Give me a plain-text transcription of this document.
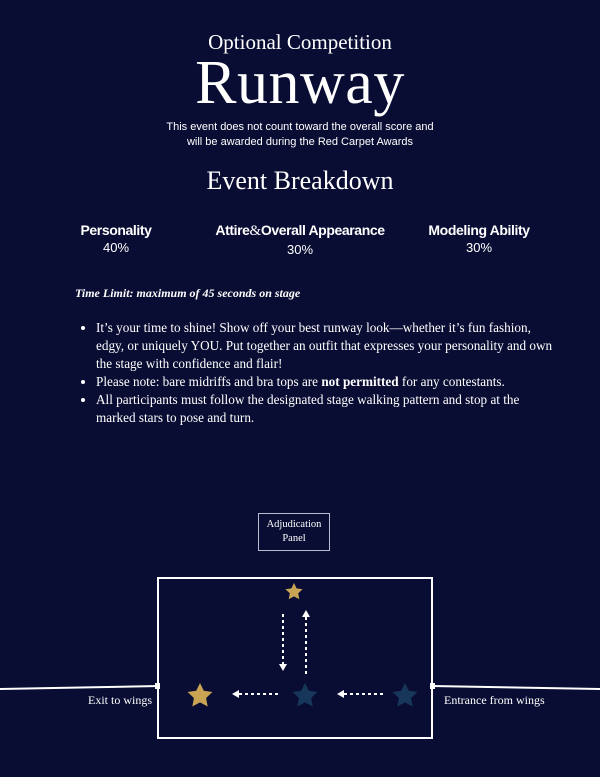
Optional Competition
Runway
This event does not count toward the overall score and
will be awarded during the Red Carpet Awards
Event Breakdown
Personality
40%
Attire&Overall Appearance
30%
Modeling Ability
30%
Time Limit: maximum of 45 seconds on stage
• It’s your time to shine! Show off your best runway look—whether it’s fun fashion, edgy, or uniquely YOU. Put together an outfit that expresses your personality and own the stage with confidence and flair!
• Please note: bare midriffs and bra tops are not permitted for any contestants.
• All participants must follow the designated stage walking pattern and stop at the marked stars to pose and turn.
Adjudication
Panel
Exit to wings	Entrance from wings
